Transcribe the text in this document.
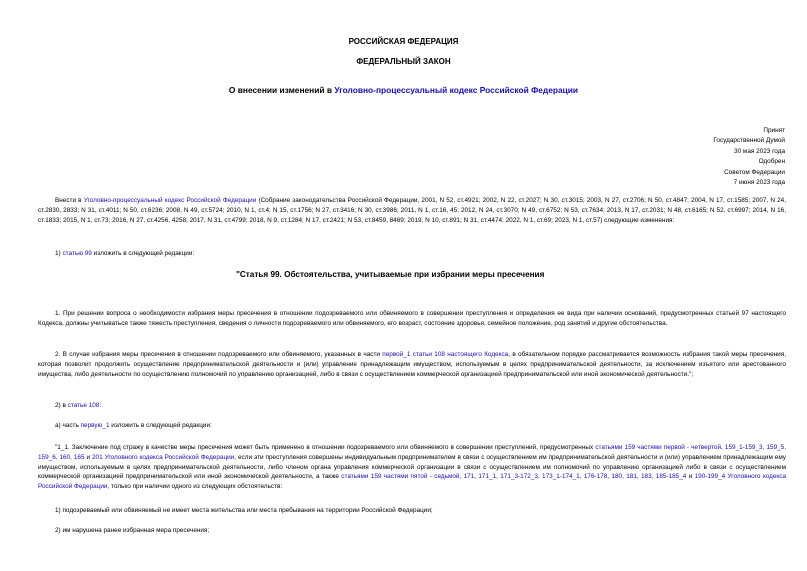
РОССИЙСКАЯ ФЕДЕРАЦИЯ
ФЕДЕРАЛЬНЫЙ ЗАКОН
О внесении изменений в Уголовно-процессуальный кодекс Российской Федерации
Принят
Государственной Думой
30 мая 2023 года
Одобрен
Советом Федерации
7 июня 2023 года

Внести в Уголовно-процессуальный кодекс Российской Федерации (Собрание законодательства Российской Федерации, 2001, N 52, ст.4921; 2002, N 22, ст.2027; N 30, ст.3015; 2003, N 27, ст.2706; N 50, ст.4847; 2004, N 17, ст.1585; 2007, N 24, ст.2830, 2833; N 31, ст.4011; N 50, ст.6236; 2008, N 49, ст.5724; 2010, N 1, ст.4; N 15, ст.1756; N 27, ст.3416; N 30, ст.3986; 2011, N 1, ст.16, 45; 2012, N 24, ст.3070; N 49, ст.6752; N 53, ст.7634; 2013, N 17, ст.2031; N 48, ст.6165; N 52, ст.6997; 2014, N 16, ст.1833; 2015, N 1, ст.73; 2016, N 27, ст.4256, 4258; 2017, N 31, ст.4799; 2018, N 9, ст.1284; N 17, ст.2421; N 53, ст.8459, 8469; 2019, N 10, ст.891; N 31, ст.4474; 2022, N 1, ст.69; 2023, N 1, ст.57) следующие изменения:

1) статью 99 изложить в следующей редакции:

"Статья 99. Обстоятельства, учитываемые при избрании меры пресечения

1. При решении вопроса о необходимости избрания меры пресечения в отношении подозреваемого или обвиняемого в совершении преступления и определения ее вида при наличии оснований, предусмотренных статьей 97 настоящего Кодекса, должны учитываться также тяжесть преступления, сведения о личности подозреваемого или обвиняемого, его возраст, состояние здоровья, семейное положение, род занятий и другие обстоятельства.

2. В случае избрания меры пресечения в отношении подозреваемого или обвиняемого, указанных в части первой_1 статьи 108 настоящего Кодекса, в обязательном порядке рассматривается возможность избрания такой меры пресечения, которая позволит продолжить осуществление предпринимательской деятельности и (или) управление принадлежащим имуществом, используемым в целях предпринимательской деятельности, за исключением изъятого или арестованного имущества, либо деятельности по осуществлению полномочий по управлению организацией, либо в связи с осуществлением коммерческой организацией предпринимательской или иной экономической деятельности.";

2) в статье 108:

а) часть первую_1 изложить в следующей редакции:

"1_1. Заключение под стражу в качестве меры пресечения может быть применено в отношении подозреваемого или обвиняемого в совершении преступлений, предусмотренных статьями 159 частями первой - четвертой, 159_1-159_3, 159_5, 159_6, 160, 165 и 201 Уголовного кодекса Российской Федерации, если эти преступления совершены индивидуальным предпринимателем в связи с осуществлением им предпринимательской деятельности и (или) управлением принадлежащим ему имуществом, используемым в целях предпринимательской деятельности, либо членом органа управления коммерческой организации в связи с осуществлением им полномочий по управлению организацией либо в связи с осуществлением коммерческой организацией предпринимательской или иной экономической деятельности, а также статьями 159 частями пятой - седьмой, 171, 171_1, 171_3-172_3, 173_1-174_1, 176-178, 180, 181, 183, 185-185_4 и 190-199_4 Уголовного кодекса Российской Федерации, только при наличии одного из следующих обстоятельств:

1) подозреваемый или обвиняемый не имеет места жительства или места пребывания на территории Российской Федерации;

2) им нарушена ранее избранная мера пресечения;
